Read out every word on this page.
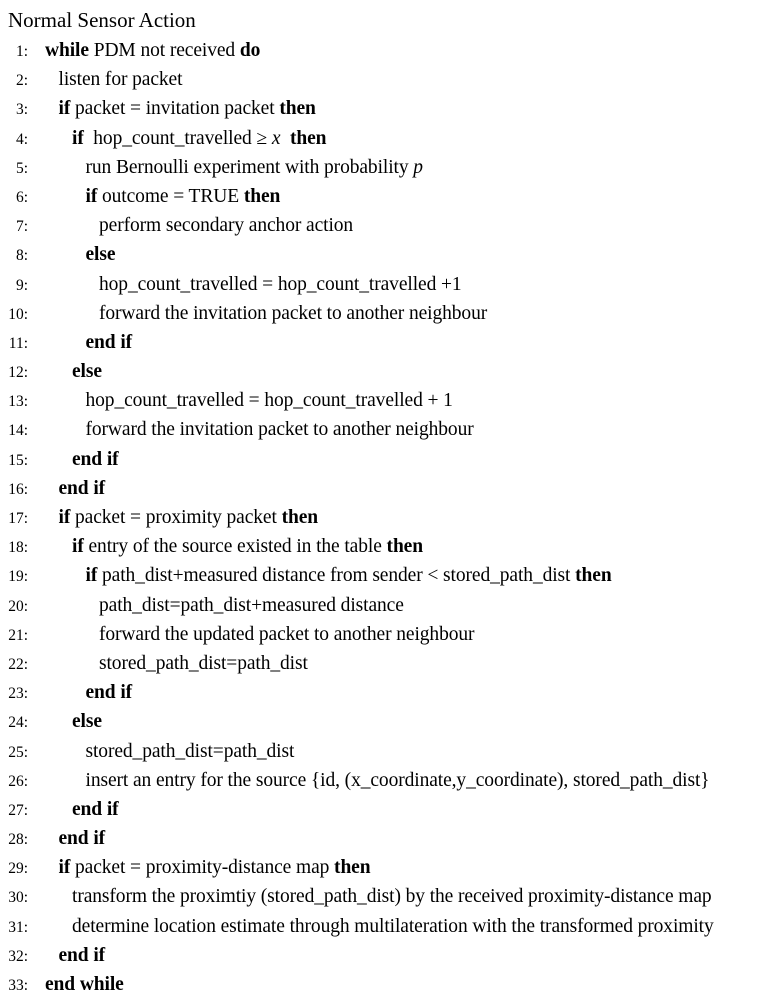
Normal Sensor Action
1: while PDM not received do
2:	listen for packet
3:	if packet = invitation packet then
4:	if  hop_count_travelled ≥ x then
5:	run Bernoulli experiment with probability p
6:	if outcome = TRUE then
7:	perform secondary anchor action
8:	else
9:	hop_count_travelled = hop_count_travelled +1
10:	forward the invitation packet to another neighbour
11:	end if
12:	else
13:	hop_count_travelled = hop_count_travelled + 1
14:	forward the invitation packet to another neighbour
15:	end if
16:	end if
17:	if packet = proximity packet then
18:	if entry of the source existed in the table then
19:	if path_dist+measured distance from sender < stored_path_dist then
20:	path_dist=path_dist+measured distance
21:	forward the updated packet to another neighbour
22:	stored_path_dist=path_dist
23:	end if
24:	else
25:	stored_path_dist=path_dist
26:	insert an entry for the source {id, (x_coordinate,y_coordinate), stored_path_dist}
27:	end if
28:	end if
29:	if packet = proximity-distance map then
30:	transform the proximtiy (stored_path_dist) by the received proximity-distance map
31:	determine location estimate through multilateration with the transformed proximity
32:	end if
33: end while
